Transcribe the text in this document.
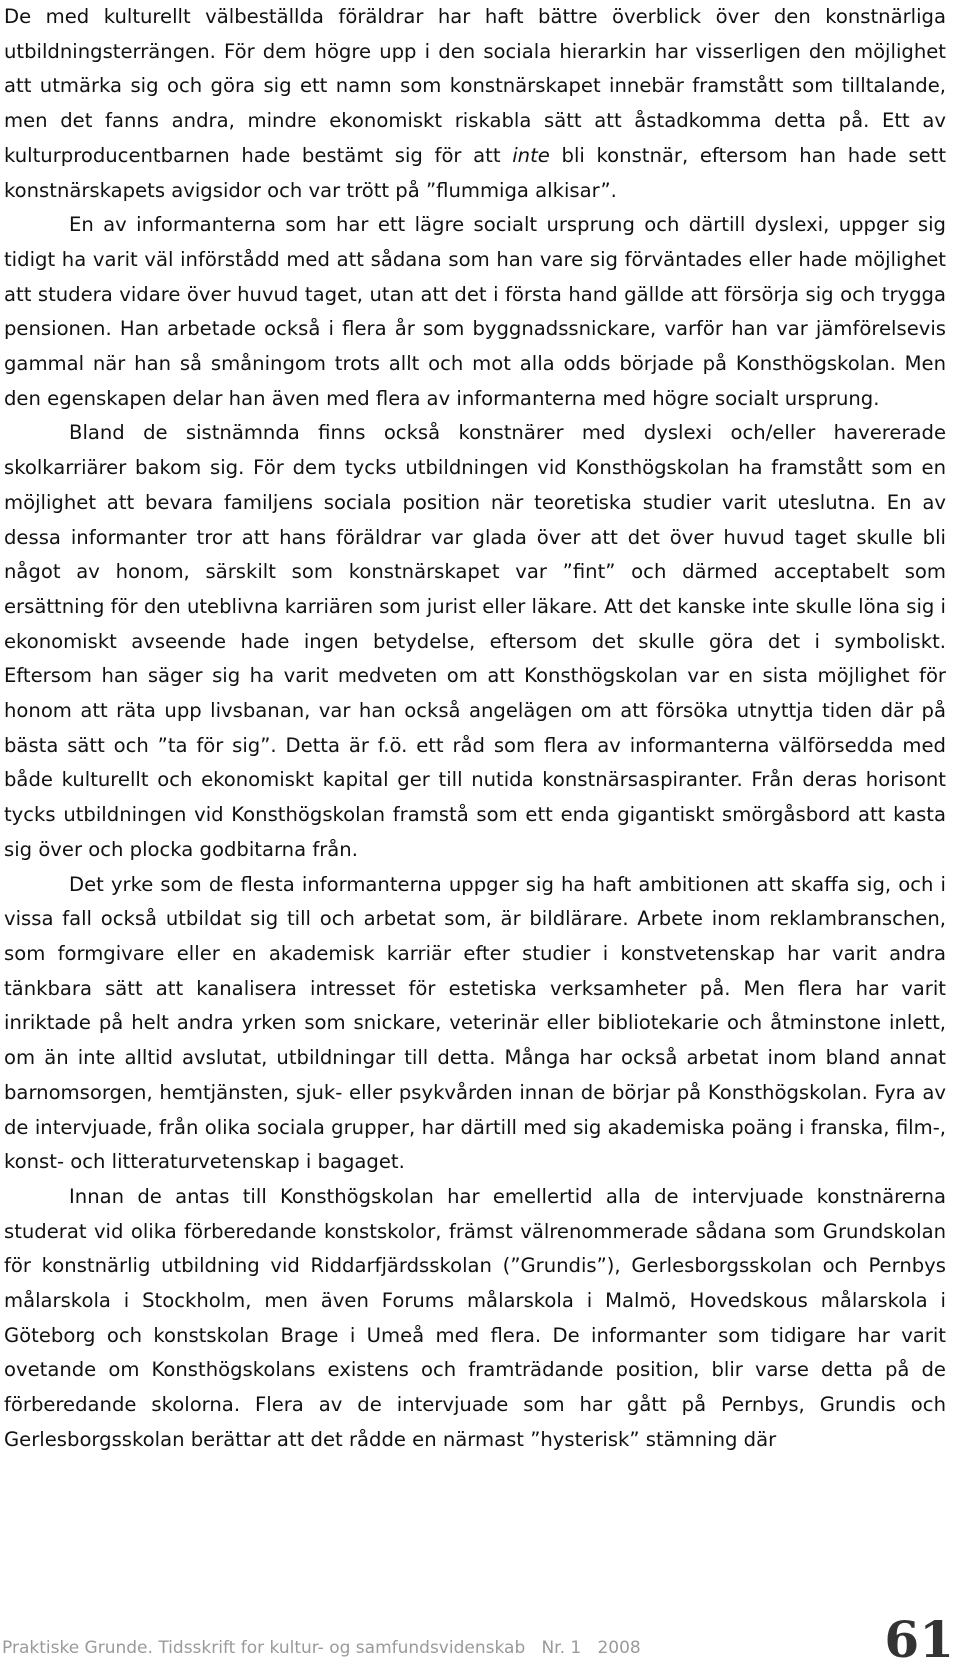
De med kulturellt välbeställda föräldrar har haft bättre överblick över den konstnärliga utbildningsterrängen. För dem högre upp i den sociala hierarkin har visserligen den möjlighet att utmärka sig och göra sig ett namn som konstnärskapet innebär framstått som tilltalande, men det fanns andra, mindre ekonomiskt riskabla sätt att åstadkomma detta på. Ett av kulturproducentbarnen hade bestämt sig för att inte bli konstnär, eftersom han hade sett konstnärskapets avigsidor och var trött på ”flummiga alkisar”.

En av informanterna som har ett lägre socialt ursprung och därtill dyslexi, uppger sig tidigt ha varit väl införstådd med att sådana som han vare sig förväntades eller hade möjlighet att studera vidare över huvud taget, utan att det i första hand gällde att försörja sig och trygga pensionen. Han arbetade också i flera år som byggnadssnickare, varför han var jämförelsevis gammal när han så småningom trots allt och mot alla odds började på Konsthögskolan. Men den egenskapen delar han även med flera av informanterna med högre socialt ursprung.

Bland de sistnämnda finns också konstnärer med dyslexi och/eller havererade skolkarriärer bakom sig. För dem tycks utbildningen vid Konsthögskolan ha framstått som en möjlighet att bevara familjens sociala position när teoretiska studier varit uteslutna. En av dessa informanter tror att hans föräldrar var glada över att det över huvud taget skulle bli något av honom, särskilt som konstnärskapet var ”fint” och därmed acceptabelt som ersättning för den uteblivna karriären som jurist eller läkare. Att det kanske inte skulle löna sig i ekonomiskt avseende hade ingen betydelse, eftersom det skulle göra det i symboliskt. Eftersom han säger sig ha varit medveten om att Konsthögskolan var en sista möjlighet för honom att räta upp livsbanan, var han också angelägen om att försöka utnyttja tiden där på bästa sätt och ”ta för sig”. Detta är f.ö. ett råd som flera av informanterna välförsedda med både kulturellt och ekonomiskt kapital ger till nutida konstnärsaspiranter. Från deras horisont tycks utbildningen vid Konsthögskolan framstå som ett enda gigantiskt smörgåsbord att kasta sig över och plocka godbitarna från.

Det yrke som de flesta informanterna uppger sig ha haft ambitionen att skaffa sig, och i vissa fall också utbildat sig till och arbetat som, är bildlärare. Arbete inom reklambranschen, som formgivare eller en akademisk karriär efter studier i konstvetenskap har varit andra tänkbara sätt att kanalisera intresset för estetiska verksamheter på. Men flera har varit inriktade på helt andra yrken som snickare, veterinär eller bibliotekarie och åtminstone inlett, om än inte alltid avslutat, utbildningar till detta. Många har också arbetat inom bland annat barnomsorgen, hemtjänsten, sjuk- eller psykvården innan de börjar på Konsthögskolan. Fyra av de intervjuade, från olika sociala grupper, har därtill med sig akademiska poäng i franska, film-, konst- och litteraturvetenskap i bagaget.

Innan de antas till Konsthögskolan har emellertid alla de intervjuade konstnärerna studerat vid olika förberedande konstskolor, främst välrenommerade sådana som Grundskolan för konstnärlig utbildning vid Riddarfjärdsskolan (”Grundis”), Gerlesborgsskolan och Pernbys målarskola i Stockholm, men även Forums målarskola i Malmö, Hovedskous målarskola i Göteborg och konstskolan Brage i Umeå med flera. De informanter som tidigare har varit ovetande om Konsthögskolans existens och framträdande position, blir varse detta på de förberedande skolorna. Flera av de intervjuade som har gått på Pernbys, Grundis och Gerlesborgsskolan berättar att det rådde en närmast ”hysterisk” stämning där

Praktiske Grunde. Tidsskrift for kultur- og samfundsvidenskab Nr. 1 2008	61
